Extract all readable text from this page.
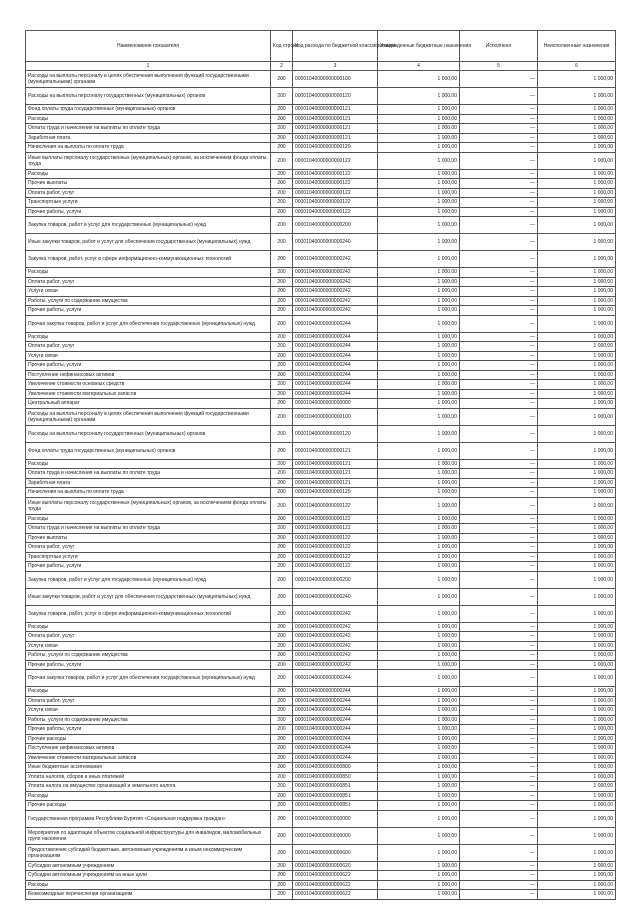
Наименование показателя	Код строки	Код расхода по бюджетной классификации	Утвержденные бюджетные назначения	Исполнено	Неисполненные назначения
1	2	3	4	5	6
Расходы на выплаты персоналу в целях обеспечения выполнения функций государственными (муниципальными) органами	200	00001040000000000100	1 000,00	—	1 000,00
Расходы на выплаты персоналу государственных (муниципальных) органов	200	00001040000000000120	1 000,00	—	1 000,00
Фонд оплаты труда государственных (муниципальных) органов	200	00001040000000000121	1 000,00	—	1 000,00
Расходы	200	00001040000000000121	1 000,00	—	1 000,00
Оплата труда и начисления на выплаты по оплате труда	200	00001040000000000121	1 000,00	—	1 000,00
Заработная плата	200	00001040000000000121	1 000,00	—	1 000,00
Начисления на выплаты по оплате труда	200	00001040000000000129	1 000,00	—	1 000,00
Иные выплаты персоналу государственных (муниципальных) органов, за исключением фонда оплаты труда	200	00001040000000000122	1 000,00	—	1 000,00
Расходы	200	00001040000000000122	1 000,00	—	1 000,00
Прочие выплаты	200	00001040000000000122	1 000,00	—	1 000,00
Оплата работ, услуг	200	00001040000000000122	1 000,00	—	1 000,00
Транспортные услуги	200	00001040000000000122	1 000,00	—	1 000,00
Прочие работы, услуги	200	00001040000000000122	1 000,00	—	1 000,00
Закупка товаров, работ и услуг для государственных (муниципальных) нужд	200	00001040000000000200	1 000,00	—	1 000,00
Иные закупки товаров, работ и услуг для обеспечения государственных (муниципальных) нужд	200	00001040000000000240	1 000,00	—	1 000,00
Закупка товаров, работ, услуг в сфере информационно-коммуникационных технологий	200	00001040000000000242	1 000,00	—	1 000,00
Расходы	200	00001040000000000242	1 000,00	—	1 000,00
Оплата работ, услуг	200	00001040000000000242	1 000,00	—	1 000,00
Услуги связи	200	00001040000000000242	1 000,00	—	1 000,00
Работы, услуги по содержанию имущества	200	00001040000000000242	1 000,00	—	1 000,00
Прочие работы, услуги	200	00001040000000000242	1 000,00	—	1 000,00
Прочая закупка товаров, работ и услуг для обеспечения государственных (муниципальных) нужд	200	00001040000000000244	1 000,00	—	1 000,00
Расходы	200	00001040000000000244	1 000,00	—	1 000,00
Оплата работ, услуг	200	00001040000000000244	1 000,00	—	1 000,00
Услуги связи	200	00001040000000000244	1 000,00	—	1 000,00
Прочие работы, услуги	200	00001040000000000244	1 000,00	—	1 000,00
Поступление нефинансовых активов	200	00001040000000000244	1 000,00	—	1 000,00
Увеличение стоимости основных средств	200	00001040000000000244	1 000,00	—	1 000,00
Увеличение стоимости материальных запасов	200	00001040000000000244	1 000,00	—	1 000,00
Центральный аппарат	200	00001040000000000000	1 000,00	—	1 000,00
Расходы на выплаты персоналу в целях обеспечения выполнения функций государственными (муниципальными) органами	200	00001040000000000100	1 000,00	—	1 000,00
Расходы на выплаты персоналу государственных (муниципальных) органов	200	00001040000000000120	1 000,00	—	1 000,00
Фонд оплаты труда государственных (муниципальных) органов	200	00001040000000000121	1 000,00	—	1 000,00
Расходы	200	00001040000000000121	1 000,00	—	1 000,00
Оплата труда и начисления на выплаты по оплате труда	200	00001040000000000121	1 000,00	—	1 000,00
Заработная плата	200	00001040000000000121	1 000,00	—	1 000,00
Начисления на выплаты по оплате труда	200	00001040000000000129	1 000,00	—	1 000,00
Иные выплаты персоналу государственных (муниципальных) органов, за исключением фонда оплаты труда	200	00001040000000000122	1 000,00	—	1 000,00
Расходы	200	00001040000000000122	1 000,00	—	1 000,00
Оплата труда и начисления на выплаты по оплате труда	200	00001040000000000122	1 000,00	—	1 000,00
Прочие выплаты	200	00001040000000000122	1 000,00	—	1 000,00
Оплата работ, услуг	200	00001040000000000122	1 000,00	—	1 000,00
Транспортные услуги	200	00001040000000000122	1 000,00	—	1 000,00
Прочие работы, услуги	200	00001040000000000122	1 000,00	—	1 000,00
Закупка товаров, работ и услуг для государственных (муниципальных) нужд	200	00001040000000000200	1 000,00	—	1 000,00
Иные закупки товаров, работ и услуг для обеспечения государственных (муниципальных) нужд	200	00001040000000000240	1 000,00	—	1 000,00
Закупка товаров, работ, услуг в сфере информационно-коммуникационных технологий	200	00001040000000000242	1 000,00	—	1 000,00
Расходы	200	00001040000000000242	1 000,00	—	1 000,00
Оплата работ, услуг	200	00001040000000000242	1 000,00	—	1 000,00
Услуги связи	200	00001040000000000242	1 000,00	—	1 000,00
Работы, услуги по содержанию имущества	200	00001040000000000242	1 000,00	—	1 000,00
Прочие работы, услуги	200	00001040000000000242	1 000,00	—	1 000,00
Прочая закупка товаров, работ и услуг для обеспечения государственных (муниципальных) нужд	200	00001040000000000244	1 000,00	—	1 000,00
Расходы	200	00001040000000000244	1 000,00	—	1 000,00
Оплата работ, услуг	200	00001040000000000244	1 000,00	—	1 000,00
Услуги связи	200	00001040000000000244	1 000,00	—	1 000,00
Работы, услуги по содержанию имущества	200	00001040000000000244	1 000,00	—	1 000,00
Прочие работы, услуги	200	00001040000000000244	1 000,00	—	1 000,00
Прочие расходы	200	00001040000000000244	1 000,00	—	1 000,00
Поступление нефинансовых активов	200	00001040000000000244	1 000,00	—	1 000,00
Увеличение стоимости материальных запасов	200	00001040000000000244	1 000,00	—	1 000,00
Иные бюджетные ассигнования	200	00001040000000000800	1 000,00	—	1 000,00
Уплата налогов, сборов и иных платежей	200	00001040000000000850	1 000,00	—	1 000,00
Уплата налога на имущество организаций и земельного налога	200	00001040000000000851	1 000,00	—	1 000,00
Расходы	200	00001040000000000851	1 000,00	—	1 000,00
Прочие расходы	200	00001040000000000851	1 000,00	—	1 000,00
Государственная программа Республики Бурятия «Социальная поддержка граждан»	200	00001040000000000000	1 000,00	—	1 000,00
Мероприятия по адаптации объектов социальной инфраструктуры для инвалидов, маломобильных групп населения	200	00001040000000000000	1 000,00	—	1 000,00
Предоставление субсидий бюджетным, автономным учреждениям и иным некоммерческим организациям	200	00001040000000000600	1 000,00	—	1 000,00
Субсидии автономным учреждениям	200	00001040000000000620	1 000,00	—	1 000,00
Субсидии автономным учреждениям на иные цели	200	00001040000000000622	1 000,00	—	1 000,00
Расходы	200	00001040000000000622	1 000,00	—	1 000,00
Безвозмездные перечисления организациям	200	00001040000000000622	1 000,00	—	1 000,00
